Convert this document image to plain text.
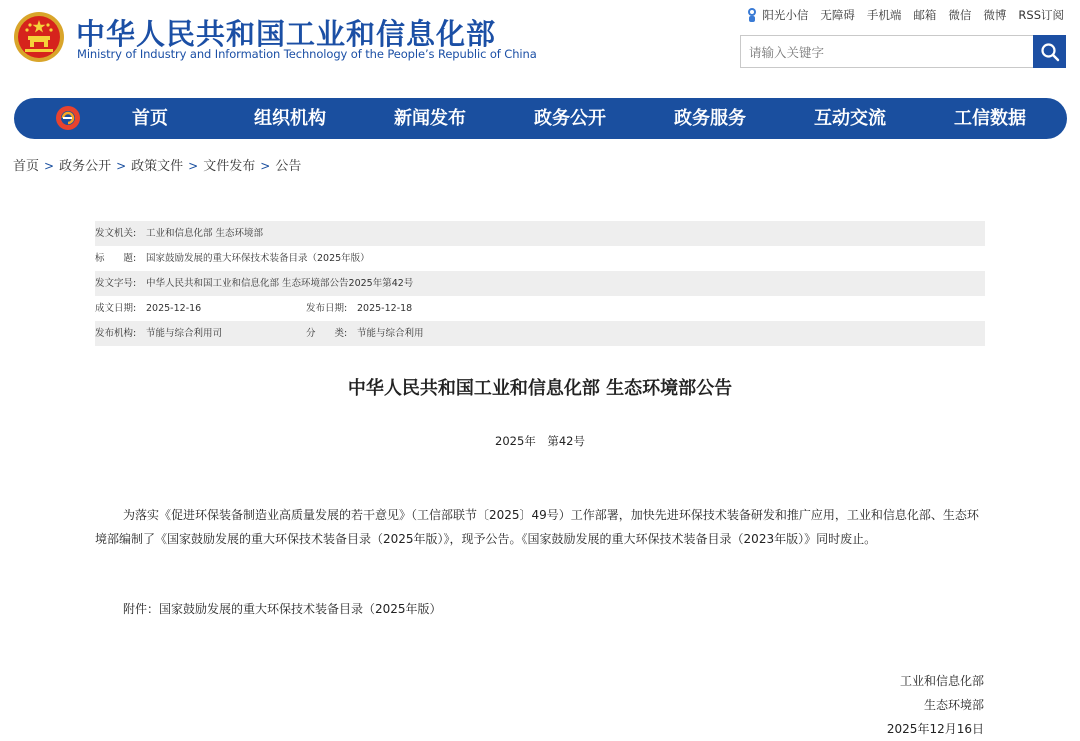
中华人民共和国工业和信息化部
Ministry of Industry and Information Technology of the People’s Republic of China
阳光小信 无障碍 手机端 邮箱 微信 微博 RSS订阅
请输入关键字
首页	组织机构	新闻发布	政务公开	政务服务	互动交流	工信数据
首页 > 政务公开 > 政策文件 > 文件发布 > 公告
发文机关: 工业和信息化部 生态环境部
标　　题: 国家鼓励发展的重大环保技术装备目录（2025年版）
发文字号: 中华人民共和国工业和信息化部 生态环境部公告2025年第42号
成文日期: 2025-12-16	发布日期: 2025-12-18
发布机构: 节能与综合利用司	分　　类: 节能与综合利用
中华人民共和国工业和信息化部 生态环境部公告
2025年　第42号
为落实《促进环保装备制造业高质量发展的若干意见》（工信部联节〔2025〕49号）工作部署，加快先进环保技术装备研发和推广应用，工业和信息化部、生态环境部编制了《国家鼓励发展的重大环保技术装备目录（2025年版）》，现予公告。《国家鼓励发展的重大环保技术装备目录（2023年版）》同时废止。
附件：国家鼓励发展的重大环保技术装备目录（2025年版）
工业和信息化部
生态环境部
2025年12月16日
